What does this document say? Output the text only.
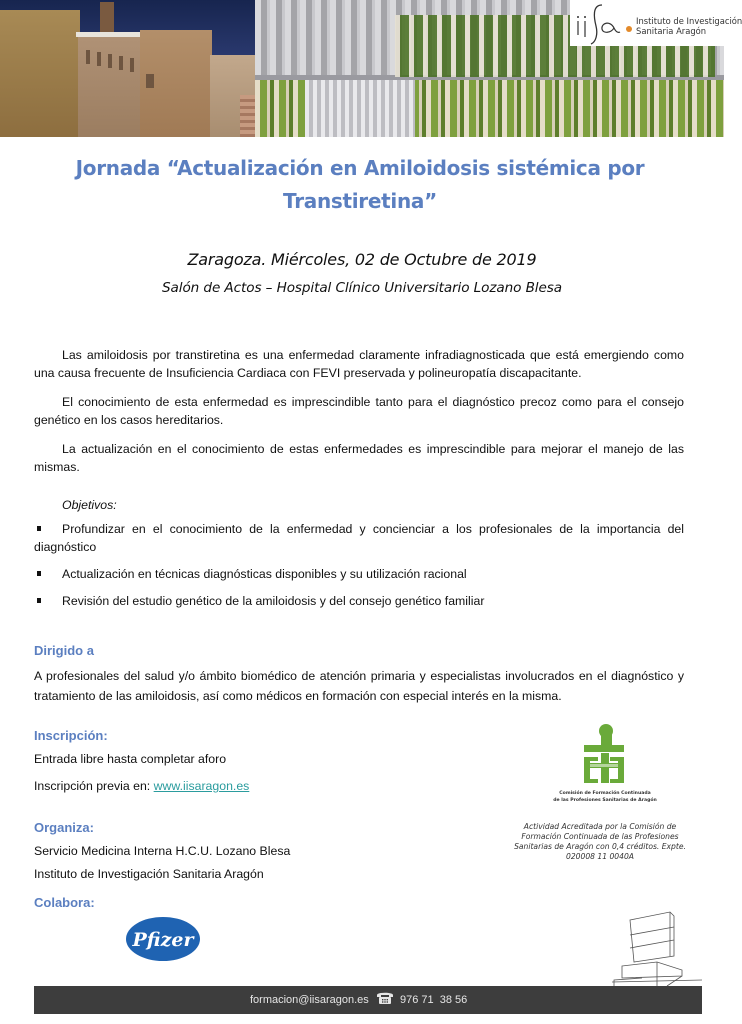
Instituto de Investigación
Sanitaria Aragón
Jornada “Actualización en Amiloidosis sistémica por
Transtiretina”
Zaragoza. Miércoles, 02 de Octubre de 2019
Salón de Actos – Hospital Clínico Universitario Lozano Blesa

Las amiloidosis por transtiretina es una enfermedad claramente infradiagnosticada que está emergiendo como una causa frecuente de Insuficiencia Cardiaca con FEVI preservada y polineuropatía discapacitante.

El conocimiento de esta enfermedad es imprescindible tanto para el diagnóstico precoz como para el consejo genético en los casos hereditarios.

La actualización en el conocimiento de estas enfermedades es imprescindible para mejorar el manejo de las mismas.

Objetivos:
Profundizar en el conocimiento de la enfermedad y concienciar a los profesionales de la importancia del diagnóstico
Actualización en técnicas diagnósticas disponibles y su utilización racional
Revisión del estudio genético de la amiloidosis y del consejo genético familiar
Dirigido a
A profesionales del salud y/o ámbito biomédico de atención primaria y especialistas involucrados en el diagnóstico y tratamiento de las amiloidosis, así como médicos en formación con especial interés en la misma.
Inscripción:
Entrada libre hasta completar aforo
Inscripción previa en: www.iisaragon.es
Organiza:
Servicio Medicina Interna H.C.U. Lozano Blesa
Instituto de Investigación Sanitaria Aragón
Colabora:
Pfizer
Comisión de Formación Continuada
de las Profesiones Sanitarias de Aragón
Actividad Acreditada por la Comisión de
Formación Continuada de las Profesiones
Sanitarias de Aragón con 0,4 créditos. Expte.
020008 11 0040A
formacion@iisaragon.es	976 71  38 56
